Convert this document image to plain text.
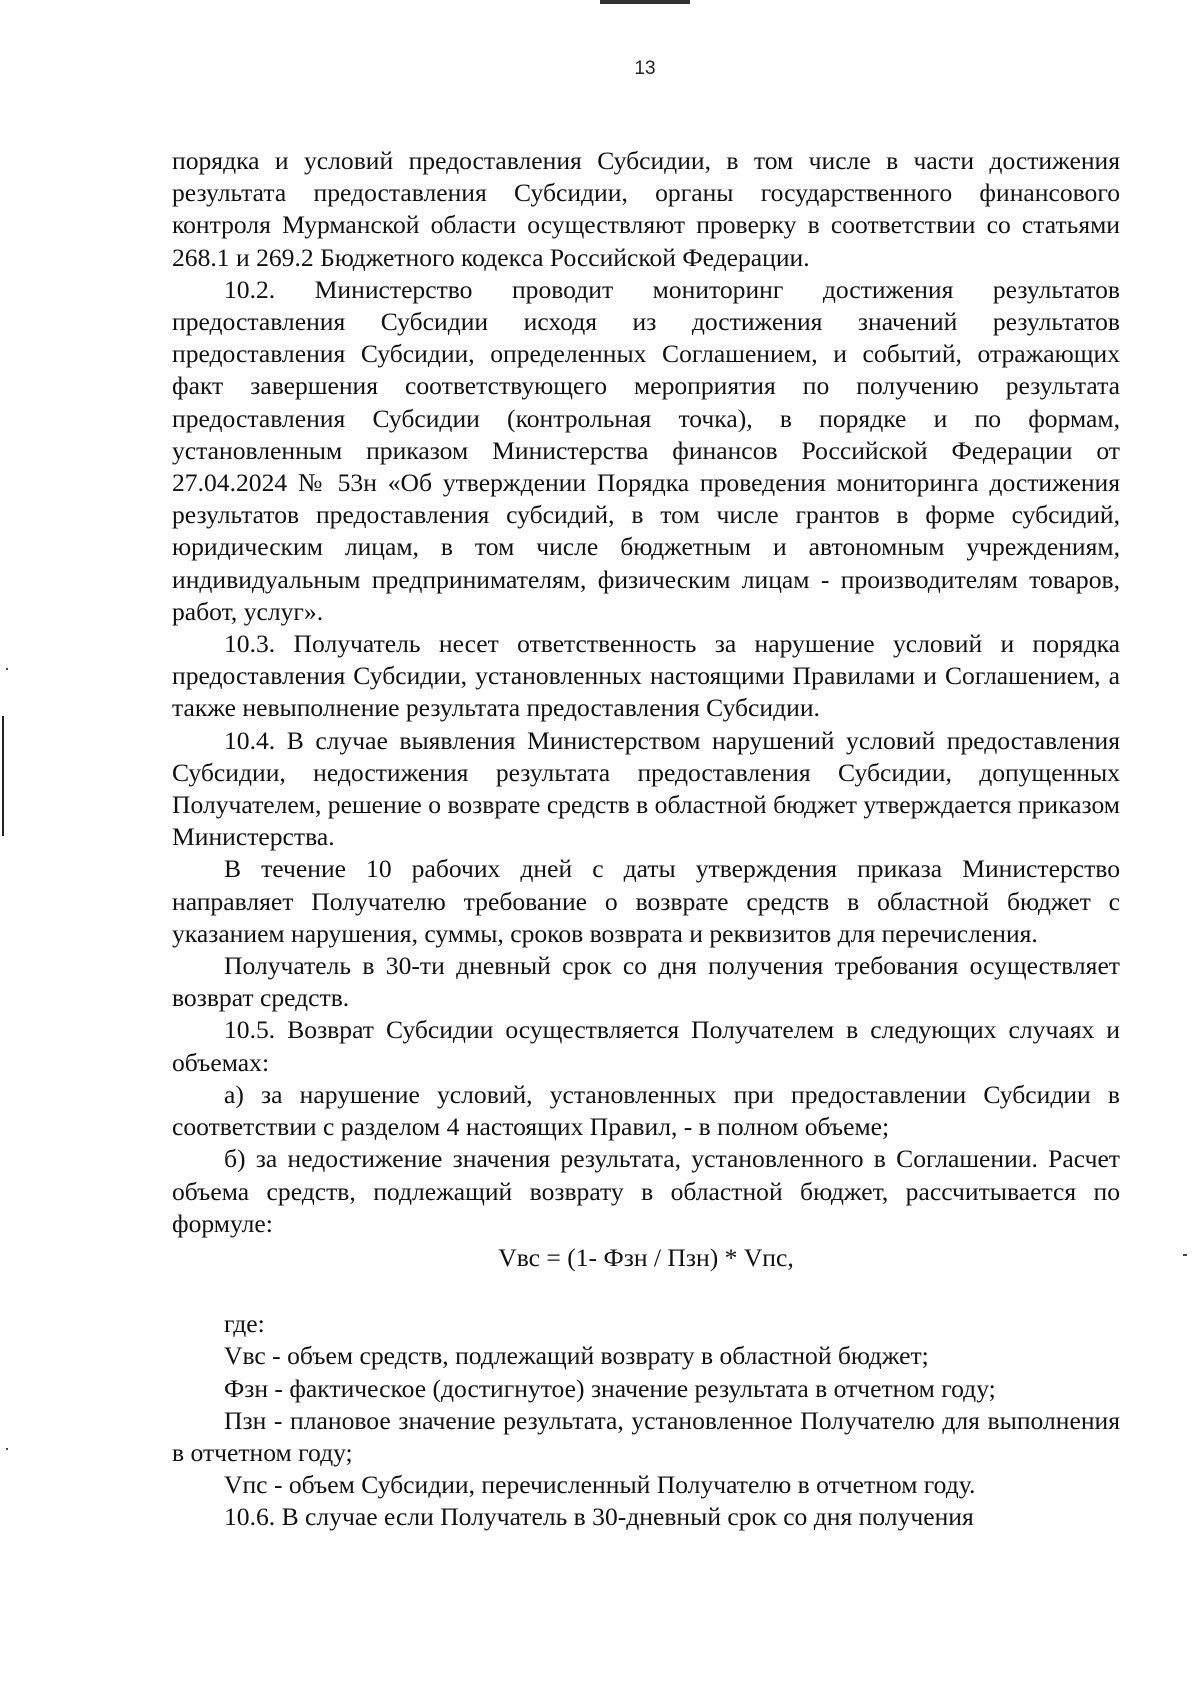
13

порядка и условий предоставления Субсидии, в том числе в части достижения результата предоставления Субсидии, органы государственного финансового контроля Мурманской области осуществляют проверку в соответствии со статьями 268.1 и 269.2 Бюджетного кодекса Российской Федерации.

10.2. Министерство проводит мониторинг достижения результатов предоставления Субсидии исходя из достижения значений результатов предоставления Субсидии, определенных Соглашением, и событий, отражающих факт завершения соответствующего мероприятия по получению результата предоставления Субсидии (контрольная точка), в порядке и по формам, установленным приказом Министерства финансов Российской Федерации от 27.04.2024 № 53н «Об утверждении Порядка проведения мониторинга достижения результатов предоставления субсидий, в том числе грантов в форме субсидий, юридическим лицам, в том числе бюджетным и автономным учреждениям, индивидуальным предпринимателям, физическим лицам - производителям товаров, работ, услуг».

10.3. Получатель несет ответственность за нарушение условий и порядка предоставления Субсидии, установленных настоящими Правилами и Соглашением, а также невыполнение результата предоставления Субсидии.

10.4. В случае выявления Министерством нарушений условий предоставления Субсидии, недостижения результата предоставления Субсидии, допущенных Получателем, решение о возврате средств в областной бюджет утверждается приказом Министерства.

В течение 10 рабочих дней с даты утверждения приказа Министерство направляет Получателю требование о возврате средств в областной бюджет с указанием нарушения, суммы, сроков возврата и реквизитов для перечисления.

Получатель в 30-ти дневный срок со дня получения требования осуществляет возврат средств.

10.5. Возврат Субсидии осуществляется Получателем в следующих случаях и объемах:

а) за нарушение условий, установленных при предоставлении Субсидии в соответствии с разделом 4 настоящих Правил, - в полном объеме;

б) за недостижение значения результата, установленного в Соглашении. Расчет объема средств, подлежащий возврату в областной бюджет, рассчитывается по формуле:

Vвс = (1- Фзн / Пзн) * Vпс,

где:

Vвс - объем средств, подлежащий возврату в областной бюджет;

Фзн - фактическое (достигнутое) значение результата в отчетном году;

Пзн - плановое значение результата, установленное Получателю для выполнения в отчетном году;

Vпс - объем Субсидии, перечисленный Получателю в отчетном году.

10.6. В случае если Получатель в 30-дневный срок со дня получения
